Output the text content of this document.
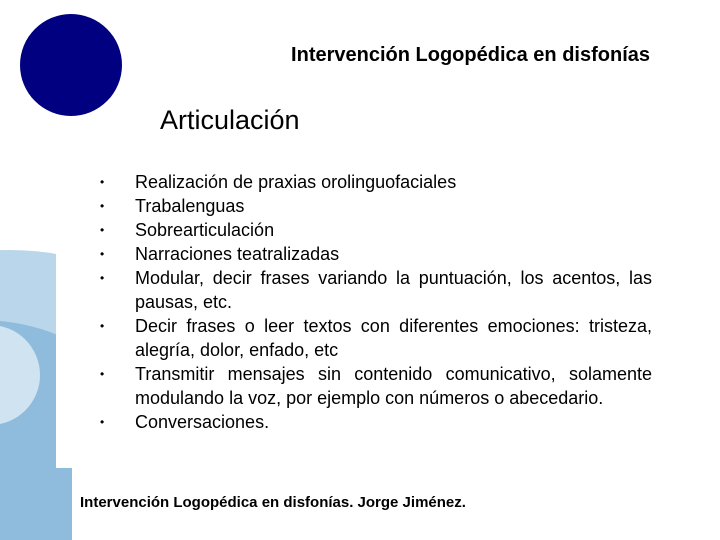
Intervención Logopédica en disfonías
Articulación
• Realización de praxias orolinguofaciales
• Trabalenguas
• Sobrearticulación
• Narraciones teatralizadas
• Modular, decir frases variando la puntuación, los acentos, las pausas, etc.
• Decir frases o leer textos con diferentes emociones: tristeza, alegría, dolor, enfado, etc
• Transmitir mensajes sin contenido comunicativo, solamente modulando la voz, por ejemplo con números o abecedario.
• Conversaciones.
Intervención Logopédica en disfonías. Jorge Jiménez.
